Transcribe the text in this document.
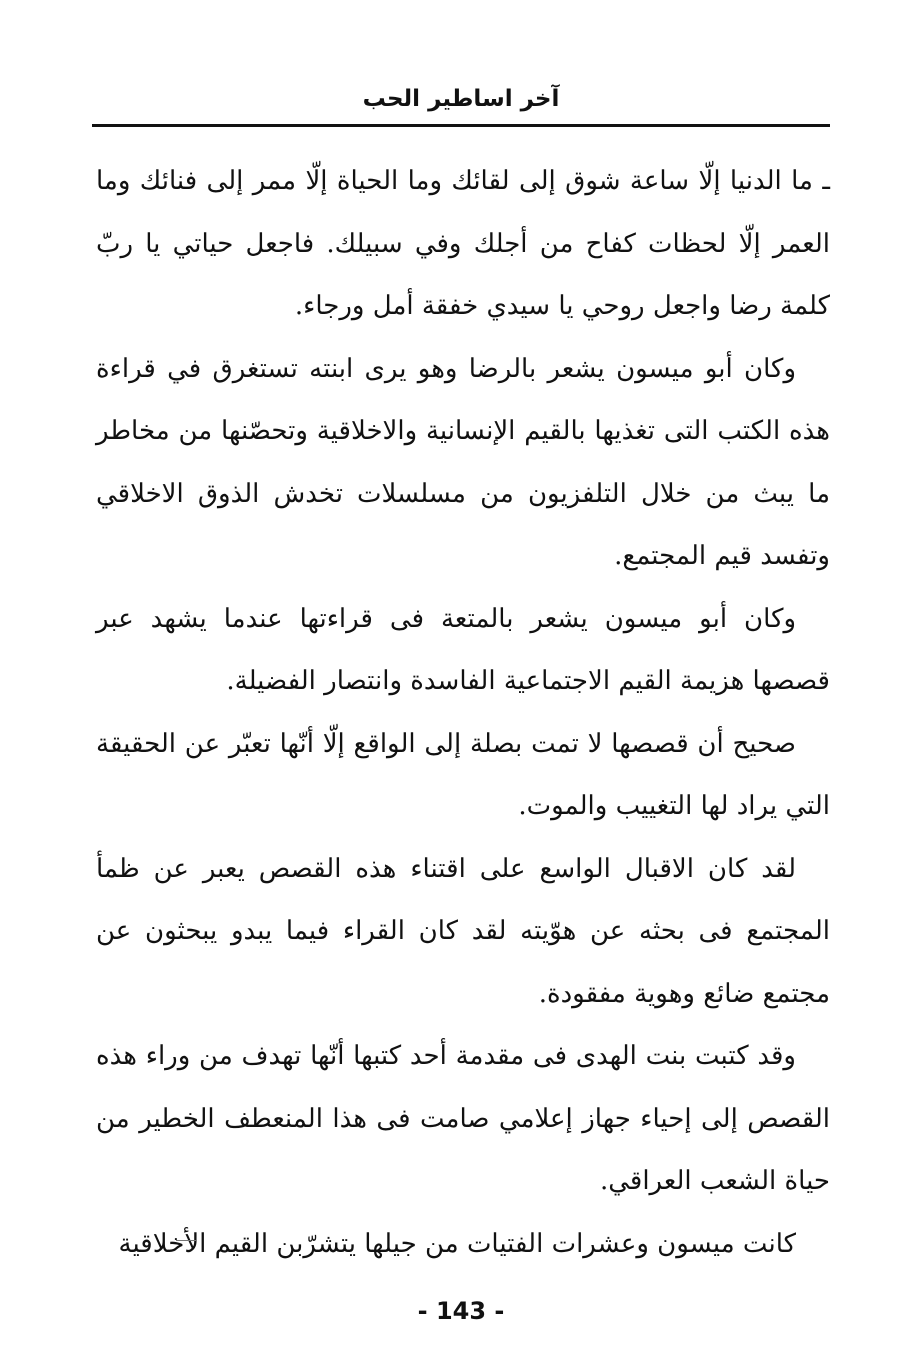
آخر اساطير الحب

ـ ما الدنيا إلّا ساعة شوق إلى لقائك وما الحياة إلّا ممر إلى فنائك وما العمر إلّا لحظات كفاح من أجلك وفي سبيلك. فاجعل حياتي يا ربّ كلمة رضا واجعل روحي يا سيدي خفقة أمل ورجاء.

وكان أبو ميسون يشعر بالرضا وهو يرى ابنته تستغرق في قراءة هذه الكتب التى تغذيها بالقيم الإنسانية والاخلاقية وتحصّنها من مخاطر ما يبث من خلال التلفزيون من مسلسلات تخدش الذوق الاخلاقي وتفسد قيم المجتمع.

وكان أبو ميسون يشعر بالمتعة فى قراءتها عندما يشهد عبر قصصها هزيمة القيم الاجتماعية الفاسدة وانتصار الفضيلة.

صحيح أن قصصها لا تمت بصلة إلى الواقع إلّا أنّها تعبّر عن الحقيقة التي يراد لها التغييب والموت.

لقد كان الاقبال الواسع على اقتناء هذه القصص يعبر عن ظمأ المجتمع فى بحثه عن هوّيته لقد كان القراء فيما يبدو يبحثون عن مجتمع ضائع وهوية مفقودة.

وقد كتبت بنت الهدى فى مقدمة أحد كتبها أنّها تهدف من وراء هذه القصص إلى إحياء جهاز إعلامي صامت فى هذا المنعطف الخطير من حياة الشعب العراقي.

كانت ميسون وعشرات الفتيات من جيلها يتشرّبن القيم الأخلاقية

- 143 -
